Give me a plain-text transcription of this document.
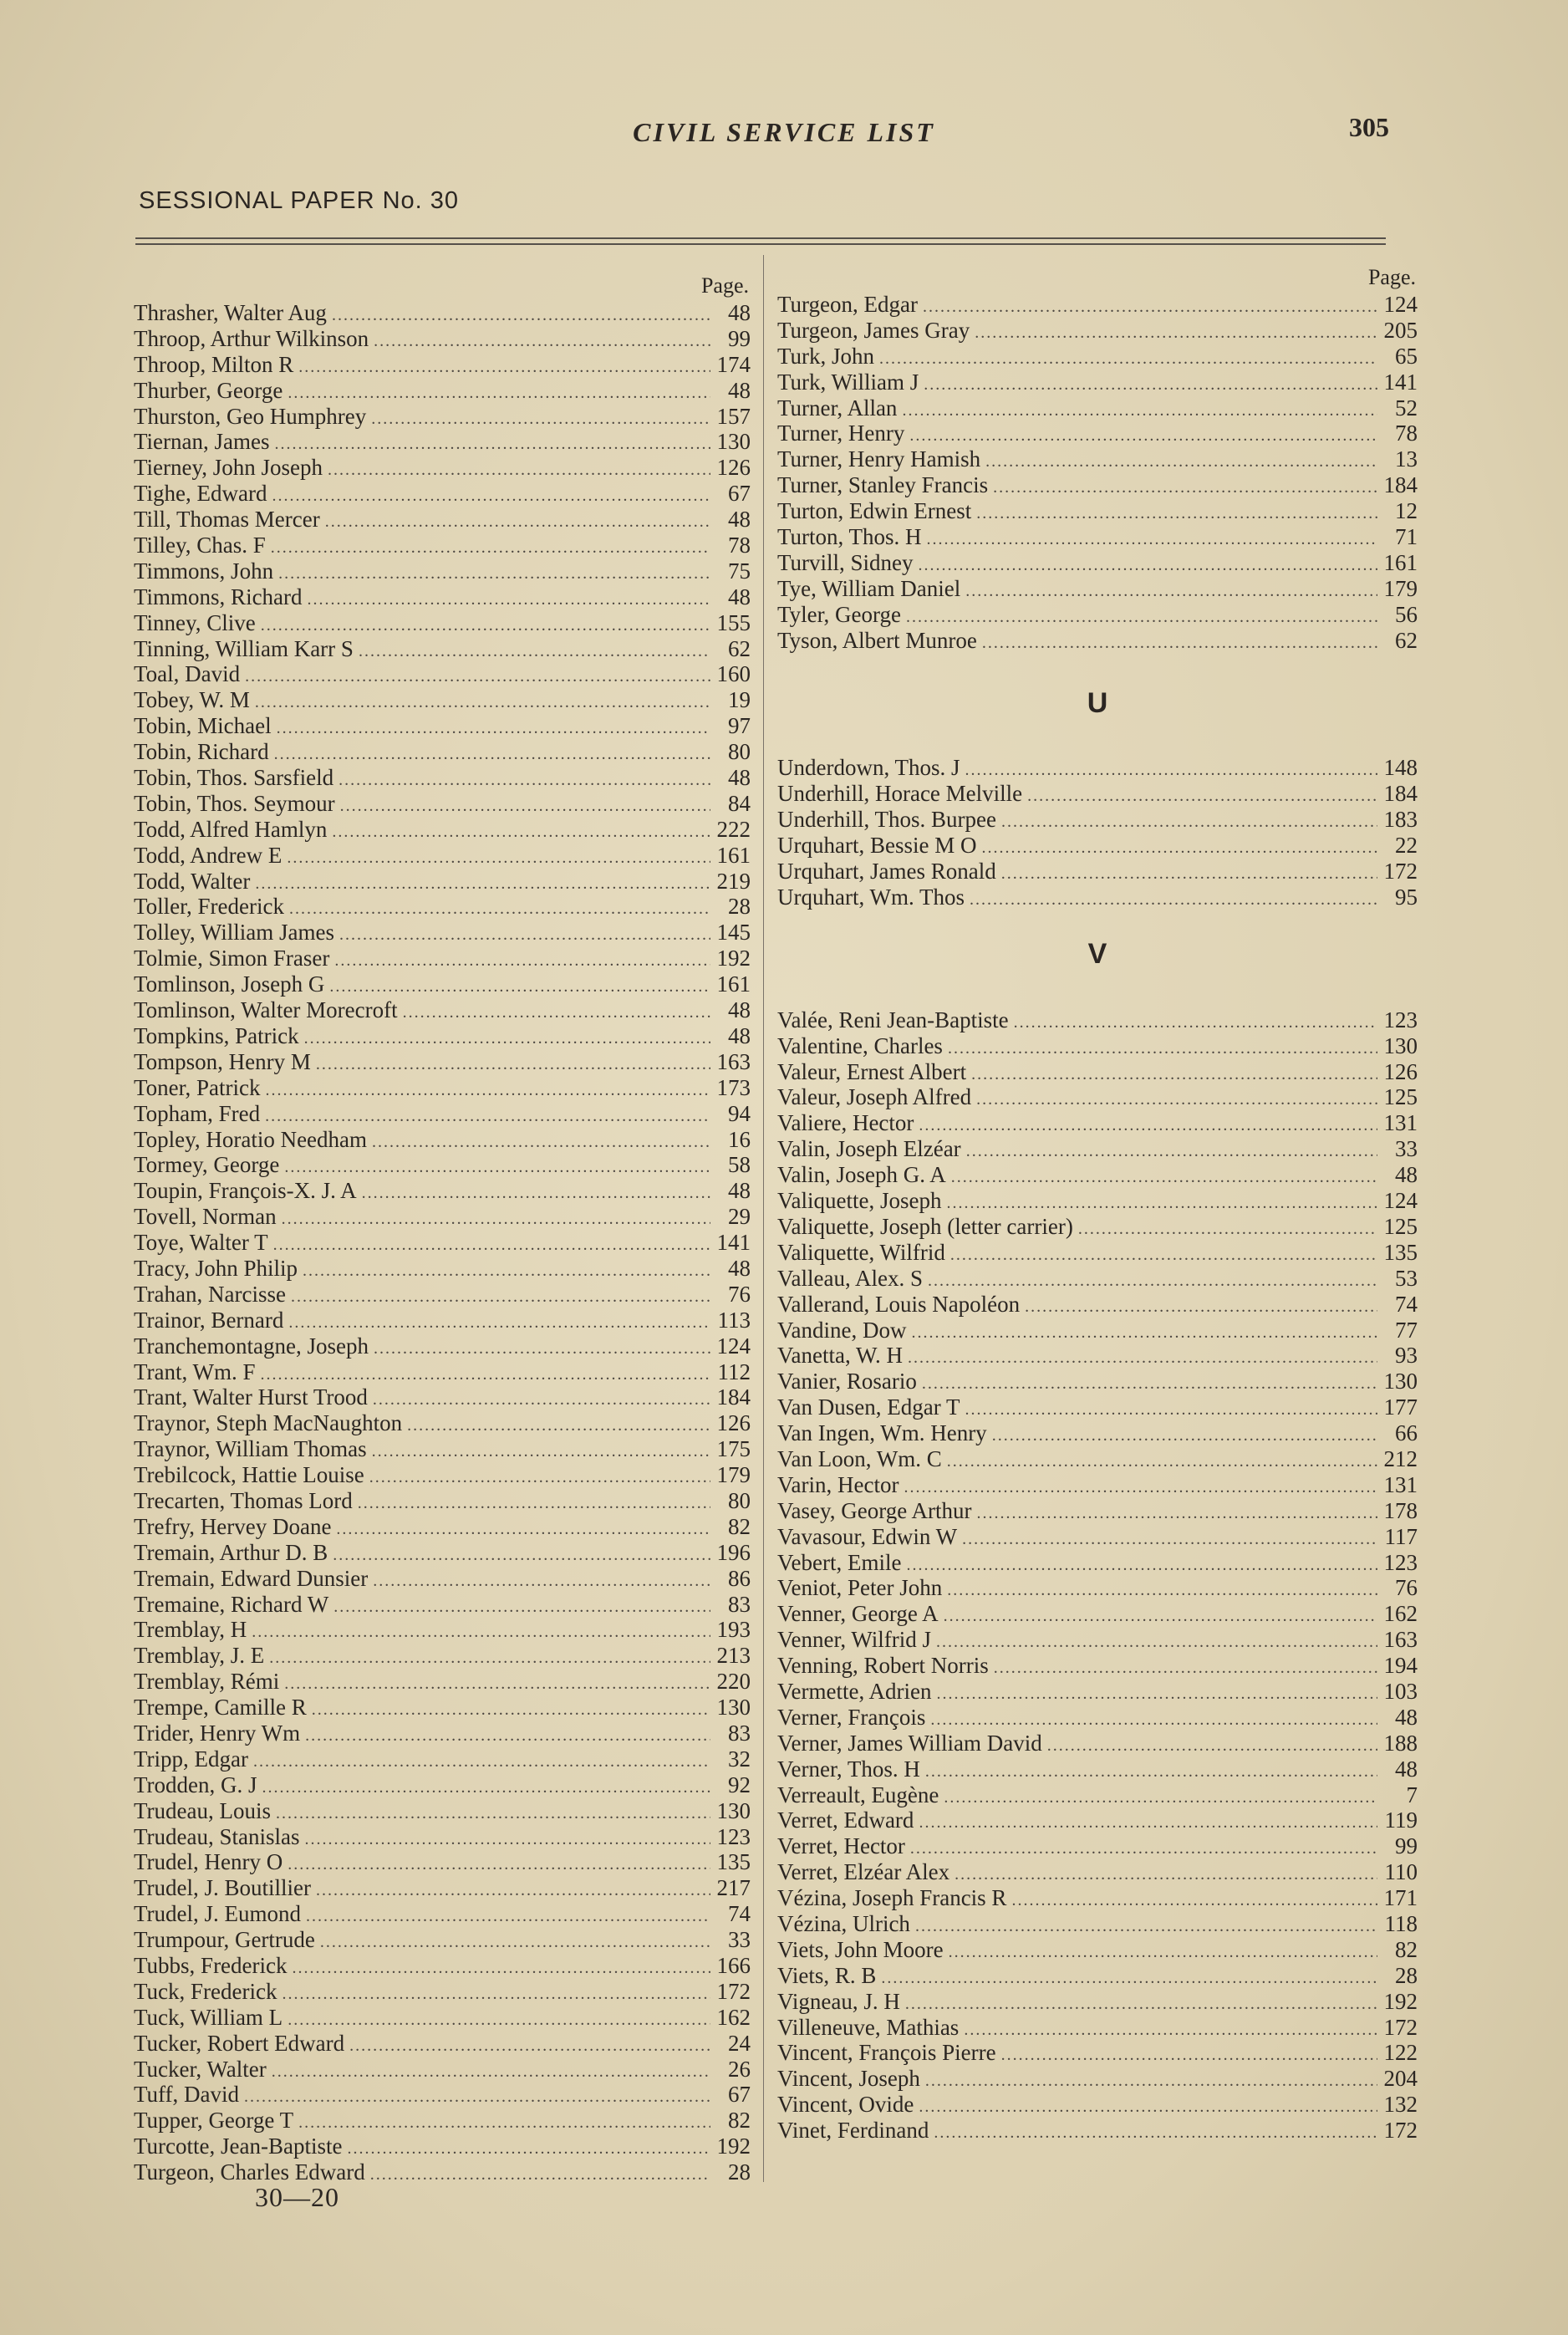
CIVIL SERVICE LIST	305
SESSIONAL PAPER No. 30
Page.
Thrasher, Walter Aug .....	48
Throop, Arthur Wilkinson .....	99
Throop, Milton R .....	174
Thurber, George .....	48
Thurston, Geo Humphrey .....	157
Tiernan, James .....	130
Tierney, John Joseph .....	126
Tighe, Edward .....	67
Till, Thomas Mercer .....	48
Tilley, Chas. F .....	78
Timmons, John .....	75
Timmons, Richard .....	48
Tinney, Clive .....	155
Tinning, William Karr S .....	62
Toal, David .....	160
Tobey, W. M .....	19
Tobin, Michael .....	97
Tobin, Richard .....	80
Tobin, Thos. Sarsfield .....	48
Tobin, Thos. Seymour .....	84
Todd, Alfred Hamlyn .....	222
Todd, Andrew E .....	161
Todd, Walter .....	219
Toller, Frederick .....	28
Tolley, William James .....	145
Tolmie, Simon Fraser .....	192
Tomlinson, Joseph G .....	161
Tomlinson, Walter Morecroft .....	48
Tompkins, Patrick .....	48
Tompson, Henry M .....	163
Toner, Patrick .....	173
Topham, Fred .....	94
Topley, Horatio Needham .....	16
Tormey, George .....	58
Toupin, François-X. J. A .....	48
Tovell, Norman .....	29
Toye, Walter T .....	141
Tracy, John Philip .....	48
Trahan, Narcisse .....	76
Trainor, Bernard .....	113
Tranchemontagne, Joseph .....	124
Trant, Wm. F .....	112
Trant, Walter Hurst Trood .....	184
Traynor, Steph MacNaughton .....	126
Traynor, William Thomas .....	175
Trebilcock, Hattie Louise .....	179
Trecarten, Thomas Lord .....	80
Trefry, Hervey Doane .....	82
Tremain, Arthur D. B .....	196
Tremain, Edward Dunsier .....	86
Tremaine, Richard W .....	83
Tremblay, H .....	193
Tremblay, J. E .....	213
Tremblay, Rémi .....	220
Trempe, Camille R .....	130
Trider, Henry Wm .....	83
Tripp, Edgar .....	32
Trodden, G. J .....	92
Trudeau, Louis .....	130
Trudeau, Stanislas .....	123
Trudel, Henry O .....	135
Trudel, J. Boutillier .....	217
Trudel, J. Eumond .....	74
Trumpour, Gertrude .....	33
Tubbs, Frederick .....	166
Tuck, Frederick .....	172
Tuck, William L .....	162
Tucker, Robert Edward .....	24
Tucker, Walter .....	26
Tuff, David .....	67
Tupper, George T .....	82
Turcotte, Jean-Baptiste .....	192
Turgeon, Charles Edward .....	28
Page.
Turgeon, Edgar .....	124
Turgeon, James Gray .....	205
Turk, John .....	65
Turk, William J .....	141
Turner, Allan .....	52
Turner, Henry .....	78
Turner, Henry Hamish .....	13
Turner, Stanley Francis .....	184
Turton, Edwin Ernest .....	12
Turton, Thos. H .....	71
Turvill, Sidney .....	161
Tye, William Daniel .....	179
Tyler, George .....	56
Tyson, Albert Munroe .....	62
U
Underdown, Thos. J .....	148
Underhill, Horace Melville .....	184
Underhill, Thos. Burpee .....	183
Urquhart, Bessie M O .....	22
Urquhart, James Ronald .....	172
Urquhart, Wm. Thos .....	95
V
Valée, Reni Jean-Baptiste .....	123
Valentine, Charles .....	130
Valeur, Ernest Albert .....	126
Valeur, Joseph Alfred .....	125
Valiere, Hector .....	131
Valin, Joseph Elzéar .....	33
Valin, Joseph G. A .....	48
Valiquette, Joseph .....	124
Valiquette, Joseph (letter carrier) .....	125
Valiquette, Wilfrid .....	135
Valleau, Alex. S .....	53
Vallerand, Louis Napoléon .....	74
Vandine, Dow .....	77
Vanetta, W. H .....	93
Vanier, Rosario .....	130
Van Dusen, Edgar T .....	177
Van Ingen, Wm. Henry .....	66
Van Loon, Wm. C .....	212
Varin, Hector .....	131
Vasey, George Arthur .....	178
Vavasour, Edwin W .....	117
Vebert, Emile .....	123
Veniot, Peter John .....	76
Venner, George A .....	162
Venner, Wilfrid J .....	163
Venning, Robert Norris .....	194
Vermette, Adrien .....	103
Verner, François .....	48
Verner, James William David .....	188
Verner, Thos. H .....	48
Verreault, Eugène .....	7
Verret, Edward .....	119
Verret, Hector .....	99
Verret, Elzéar Alex .....	110
Vézina, Joseph Francis R .....	171
Vézina, Ulrich .....	118
Viets, John Moore .....	82
Viets, R. B .....	28
Vigneau, J. H .....	192
Villeneuve, Mathias .....	172
Vincent, François Pierre .....	122
Vincent, Joseph .....	204
Vincent, Ovide .....	132
Vinet, Ferdinand .....	172
30—20
